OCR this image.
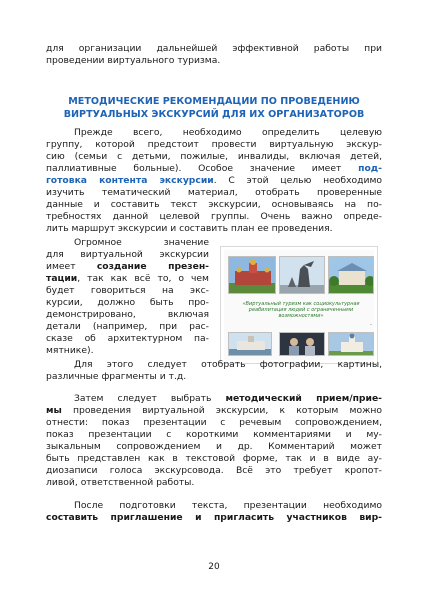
для организации дальнейшей эффективной работы при
проведении виртуального туризма.
МЕТОДИЧЕСКИЕ РЕКОМЕНДАЦИИ ПО ПРОВЕДЕНИЮ
ВИРТУАЛЬНЫХ ЭКСКУРСИЙ ДЛЯ ИХ ОРГАНИЗАТОРОВ
Прежде всего, необходимо определить целевую
группу, которой предстоит провести виртуальную экскур-
сию (семьи с детьми, пожилые, инвалиды, включая детей,
паллиативные больные). Особое значение имеет под-
готовка контента экскурсии. С этой целью необходимо
изучить тематический материал, отобрать проверенные
данные и составить текст экскурсии, основываясь на по-
требностях данной целевой группы. Очень важно опреде-
лить маршрут экскурсии и составить план ее проведения.
Огромное значение
для виртуальной экскурсии
имеет создание презен-
тации, так как всё то, о чем
будет говориться на экс-
курсии, должно быть про-
демонстрировано, включая
детали (например, при рас-
сказе об архитектурном па-
мятнике).
«Виртуальный туризм как социокультурная реабилитация людей с ограниченными возможностями»
.
Для этого следует отобрать фотографии, картины,
различные фрагменты и т.д.
Затем следует выбрать методический прием/прие-
мы проведения виртуальной экскурсии, к которым можно
отнести: показ презентации с речевым сопровождением,
показ презентации с короткими комментариями и му-
зыкальным сопровождением и др. Комментарий может
быть представлен как в текстовой форме, так и в виде ау-
диозаписи голоса экскурсовода. Всё это требует кропот-
ливой, ответственной работы.
После подготовки текста, презентации необходимо
составить приглашение и пригласить участников вир-
20
